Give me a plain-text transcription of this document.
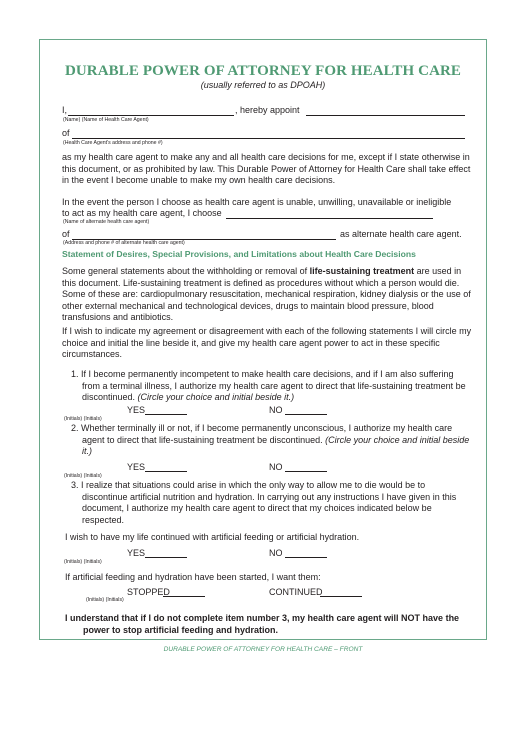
DURABLE POWER OF ATTORNEY FOR HEALTH CARE
(usually referred to as DPOAH)
I,	, hereby appoint
(Name) (Name of Health Care Agent)
of
(Health Care Agent's address and phone #)
as my health care agent to make any and all health care decisions for me, except if I state otherwise in this document, or as prohibited by law. This Durable Power of Attorney for Health Care shall take effect in the event I become unable to make my own health care decisions.
In the event the person I choose as health care agent is unable, unwilling, unavailable or ineligible
to act as my health care agent, I choose
(Name of alternate health care agent)
of	as alternate health care agent.
(Address and phone # of alternate health care agent)
Statement of Desires, Special Provisions, and Limitations about Health Care Decisions
Some general statements about the withholding or removal of life-sustaining treatment are used in this document. Life-sustaining treatment is defined as procedures without which a person would die. Some of these are: cardiopulmonary resuscitation, mechanical respiration, kidney dialysis or the use of other external mechanical and technological devices, drugs to maintain blood pressure, blood transfusions and antibiotics.
If I wish to indicate my agreement or disagreement with each of the following statements I will circle my choice and initial the line beside it, and give my health care agent power to act in these specific circumstances.
1. If I become permanently incompetent to make health care decisions, and if I am also suffering from a terminal illness, I authorize my health care agent to direct that life-sustaining treatment be discontinued. (Circle your choice and initial beside it.)
YES	NO
(Initials) (Initials)
2. Whether terminally ill or not, if I become permanently unconscious, I authorize my health care agent to direct that life-sustaining treatment be discontinued. (Circle your choice and initial beside it.)
YES	NO
(Initials) (Initials)
3. I realize that situations could arise in which the only way to allow me to die would be to discontinue artificial nutrition and hydration. In carrying out any instructions I have given in this document, I authorize my health care agent to direct that my choices indicated below be respected.
I wish to have my life continued with artificial feeding or artificial hydration.
YES	NO
(Initials) (Initials)
If artificial feeding and hydration have been started, I want them:
STOPPED	CONTINUED
(Initials) (Initials)
I understand that if I do not complete item number 3, my health care agent will NOT have the
power to stop artificial feeding and hydration.
DURABLE POWER OF ATTORNEY FOR HEALTH CARE – FRONT
